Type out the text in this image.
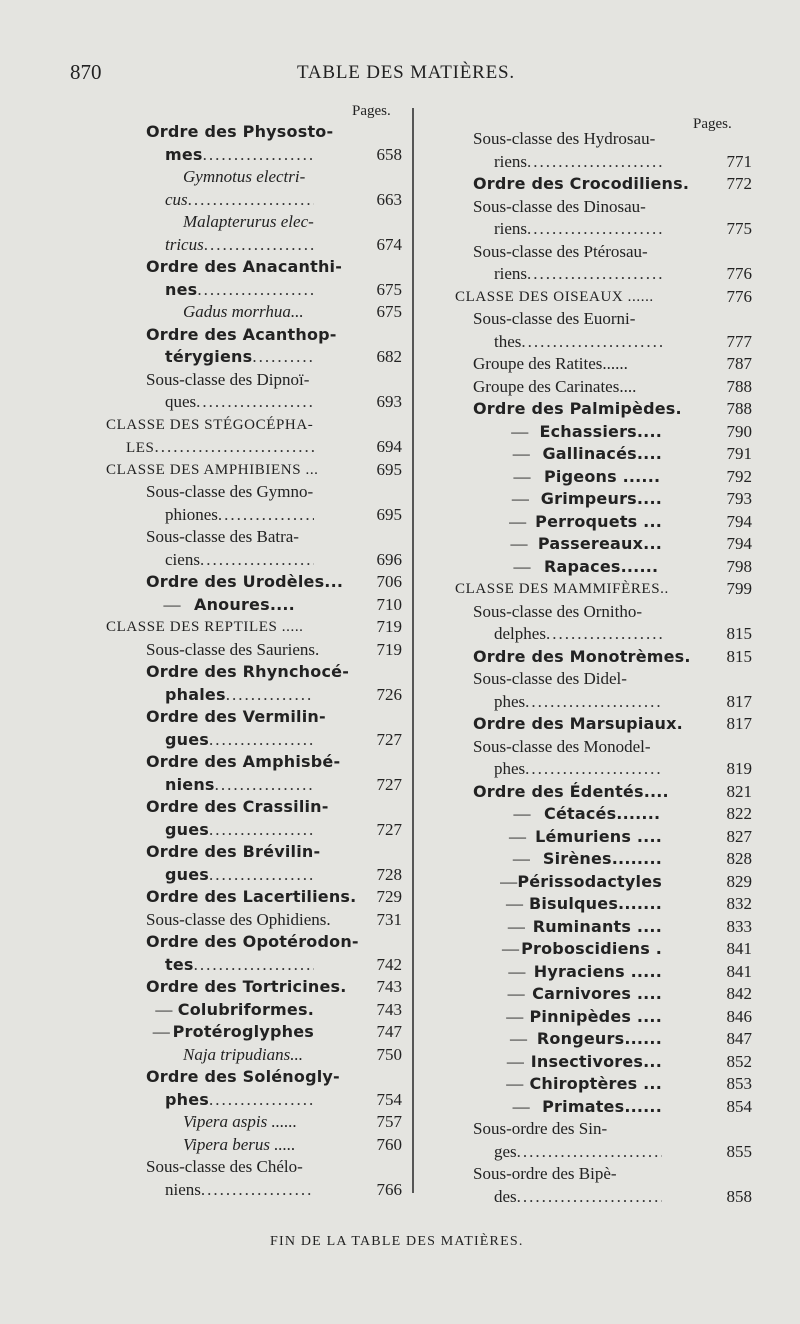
870	TABLE DES MATIÈRES.
Pages.
Pages.
Ordre des Physosto-
mes .....	658
Gymnotus electri-
cus .....	663
Malapterurus elec-
tricus .....	674
Ordre des Anacanthi-
nes .....	675
Gadus morrhua...	675
Ordre des Acanthop-
térygiens .....	682
Sous-classe des Dipnoï-
ques .....	693
CLASSE DES STÉGOCÉPHA-
LES .....	694
CLASSE DES AMPHIBIENS ...	695
Sous-classe des Gymno-
phiones .....	695
Sous-classe des Batra-
ciens .....	696
Ordre des Urodèles...	706
— Anoures....	710
CLASSE DES REPTILES .....	719
Sous-classe des Sauriens.	719
Ordre des Rhynchocé-
phales .....	726
Ordre des Vermilin-
gues .....	727
Ordre des Amphisbé-
niens .....	727
Ordre des Crassilin-
gues .....	727
Ordre des Brévilin-
gues .....	728
Ordre des Lacertiliens.	729
Sous-classe des Ophidiens.	731
Ordre des Opotérodon-
tes .....	742
Ordre des Tortricines.	743
— Colubriformes.	743
— Protéroglyphes	747
Naja tripudians...	750
Ordre des Solénogly-
phes .....	754
Vipera aspis ......	757
Vipera berus .....	760
Sous-classe des Chélo-
niens .....	766
Sous-classe des Hydrosau-
riens .....	771
Ordre des Crocodiliens.	772
Sous-classe des Dinosau-
riens .....	775
Sous-classe des Ptérosau-
riens .....	776
CLASSE DES OISEAUX ......	776
Sous-classe des Euorni-
thes .....	777
Groupe des Ratites......	787
Groupe des Carinates....	788
Ordre des Palmipèdes.	788
— Echassiers....	790
— Gallinacés....	791
— Pigeons ......	792
— Grimpeurs....	793
— Perroquets ...	794
— Passereaux...	794
— Rapaces......	798
CLASSE DES MAMMIFÈRES..	799
Sous-classe des Ornitho-
delphes .....	815
Ordre des Monotrèmes.	815
Sous-classe des Didel-
phes .....	817
Ordre des Marsupiaux.	817
Sous-classe des Monodel-
phes .....	819
Ordre des Édentés....	821
— Cétacés.......	822
— Lémuriens ....	827
— Sirènes........	828
— Périssodactyles	829
— Bisulques.......	832
— Ruminants ....	833
— Proboscidiens .	841
— Hyraciens .....	841
— Carnivores ....	842
— Pinnipèdes ....	846
— Rongeurs......	847
— Insectivores...	852
— Chiroptères ...	853
— Primates......	854
Sous-ordre des Sin-
ges .....	855
Sous-ordre des Bipè-
des .....	858
FIN DE LA TABLE DES MATIÈRES.
